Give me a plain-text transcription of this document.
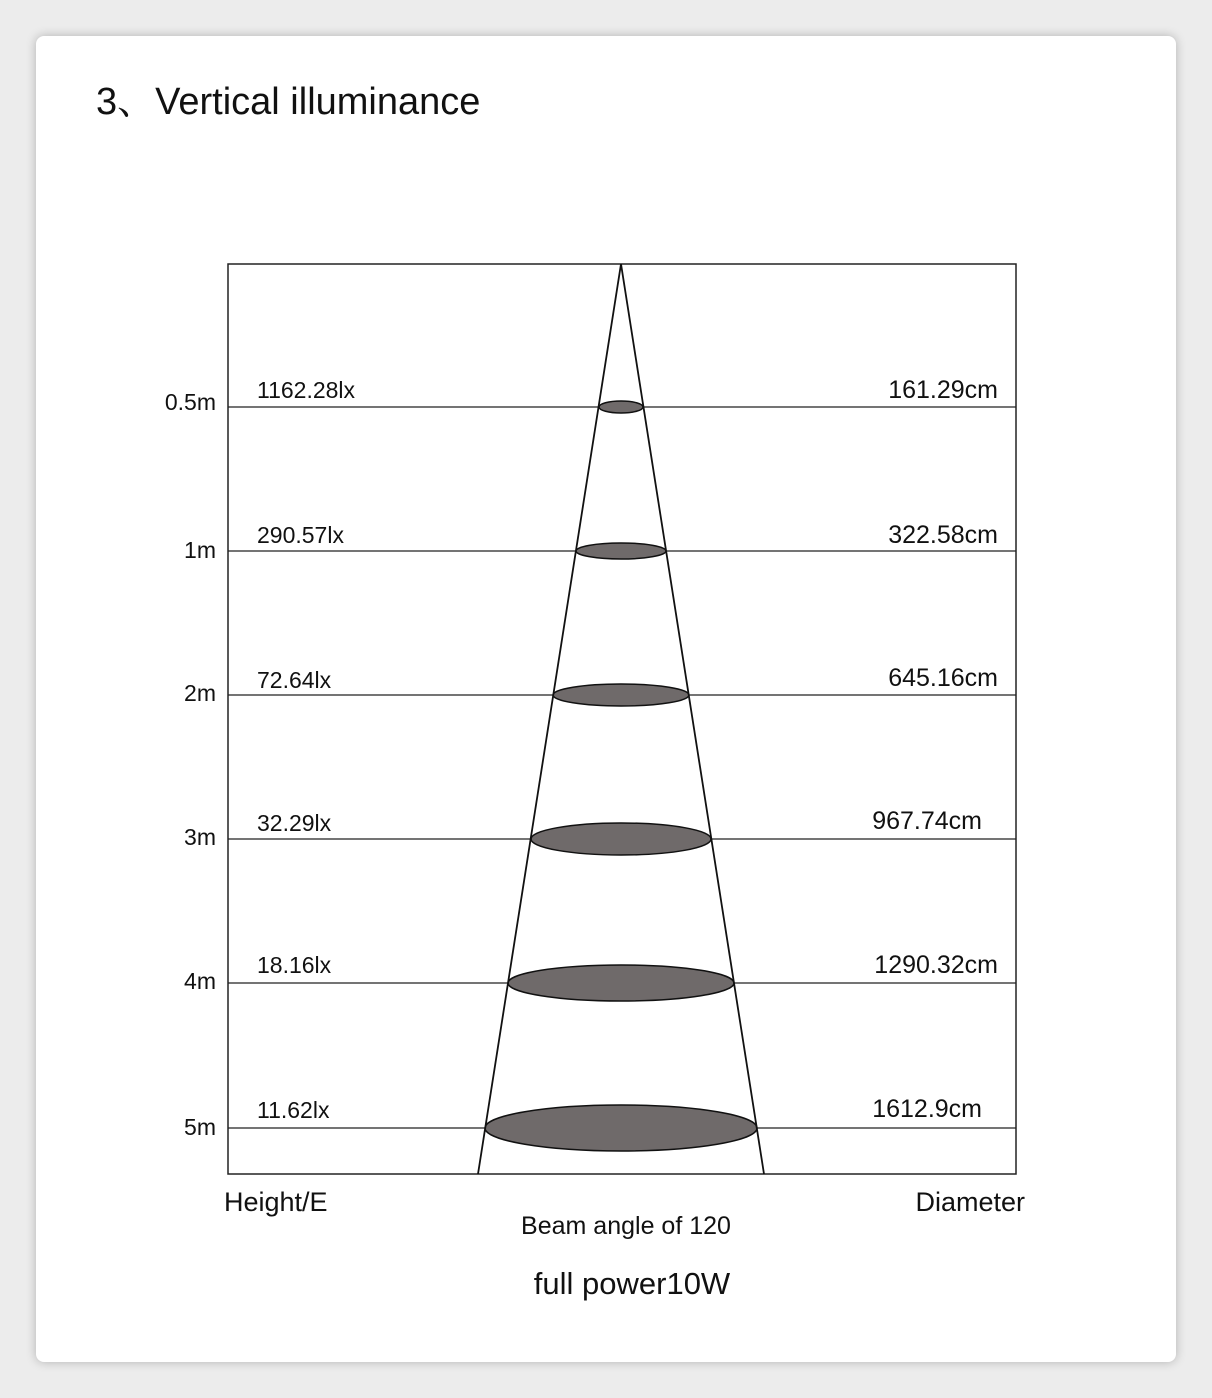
3、Vertical illuminance
0.5m
1m
2m
3m
4m
5m
1162.28lx
290.57lx
72.64lx
32.29lx
18.16lx
11.62lx
161.29cm
322.58cm
645.16cm
967.74cm
1290.32cm
1612.9cm
Height/E	Diameter
Beam angle of 120
full power10W
